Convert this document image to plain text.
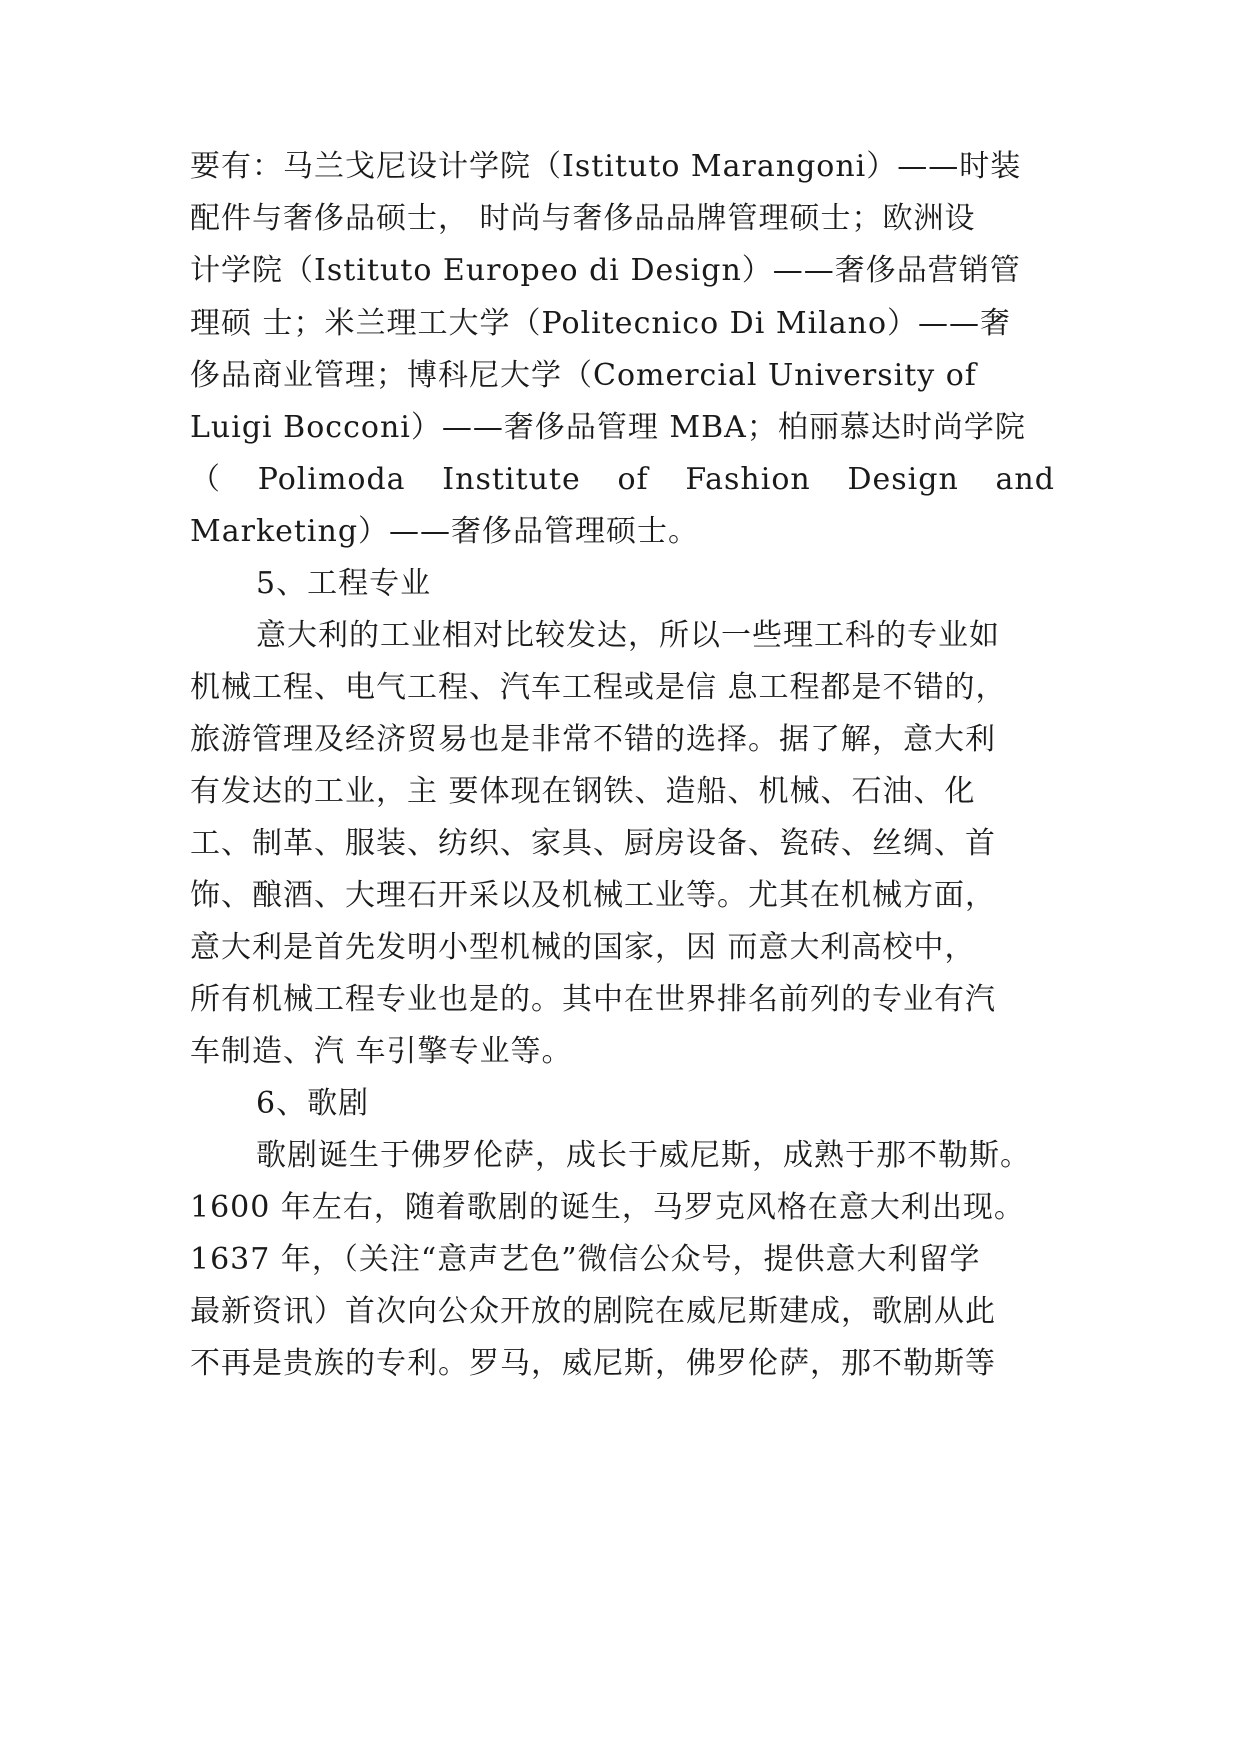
要有：马兰戈尼设计学院（Istituto Marangoni）——时装
配件与奢侈品硕士， 时尚与奢侈品品牌管理硕士；欧洲设
计学院（Istituto Europeo di Design）——奢侈品营销管
理硕 士；米兰理工大学（Politecnico Di Milano）——奢
侈品商业管理；博科尼大学（Comercial University of
Luigi Bocconi）——奢侈品管理 MBA；柏丽慕达时尚学院
（ Polimoda Institute of Fashion Design and
Marketing）——奢侈品管理硕士。
5、工程专业
意大利的工业相对比较发达，所以一些理工科的专业如
机械工程、电气工程、汽车工程或是信 息工程都是不错的，
旅游管理及经济贸易也是非常不错的选择。据了解，意大利
有发达的工业，主 要体现在钢铁、造船、机械、石油、化
工、制革、服装、纺织、家具、厨房设备、瓷砖、丝绸、首
饰、酿酒、大理石开采以及机械工业等。尤其在机械方面，
意大利是首先发明小型机械的国家，因 而意大利高校中，
所有机械工程专业也是的。其中在世界排名前列的专业有汽
车制造、汽 车引擎专业等。
6、歌剧
歌剧诞生于佛罗伦萨，成长于威尼斯，成熟于那不勒斯。
1600 年左右，随着歌剧的诞生，马罗克风格在意大利出现。
1637 年，（关注“意声艺色”微信公众号，提供意大利留学
最新资讯）首次向公众开放的剧院在威尼斯建成，歌剧从此
不再是贵族的专利。罗马，威尼斯，佛罗伦萨，那不勒斯等
